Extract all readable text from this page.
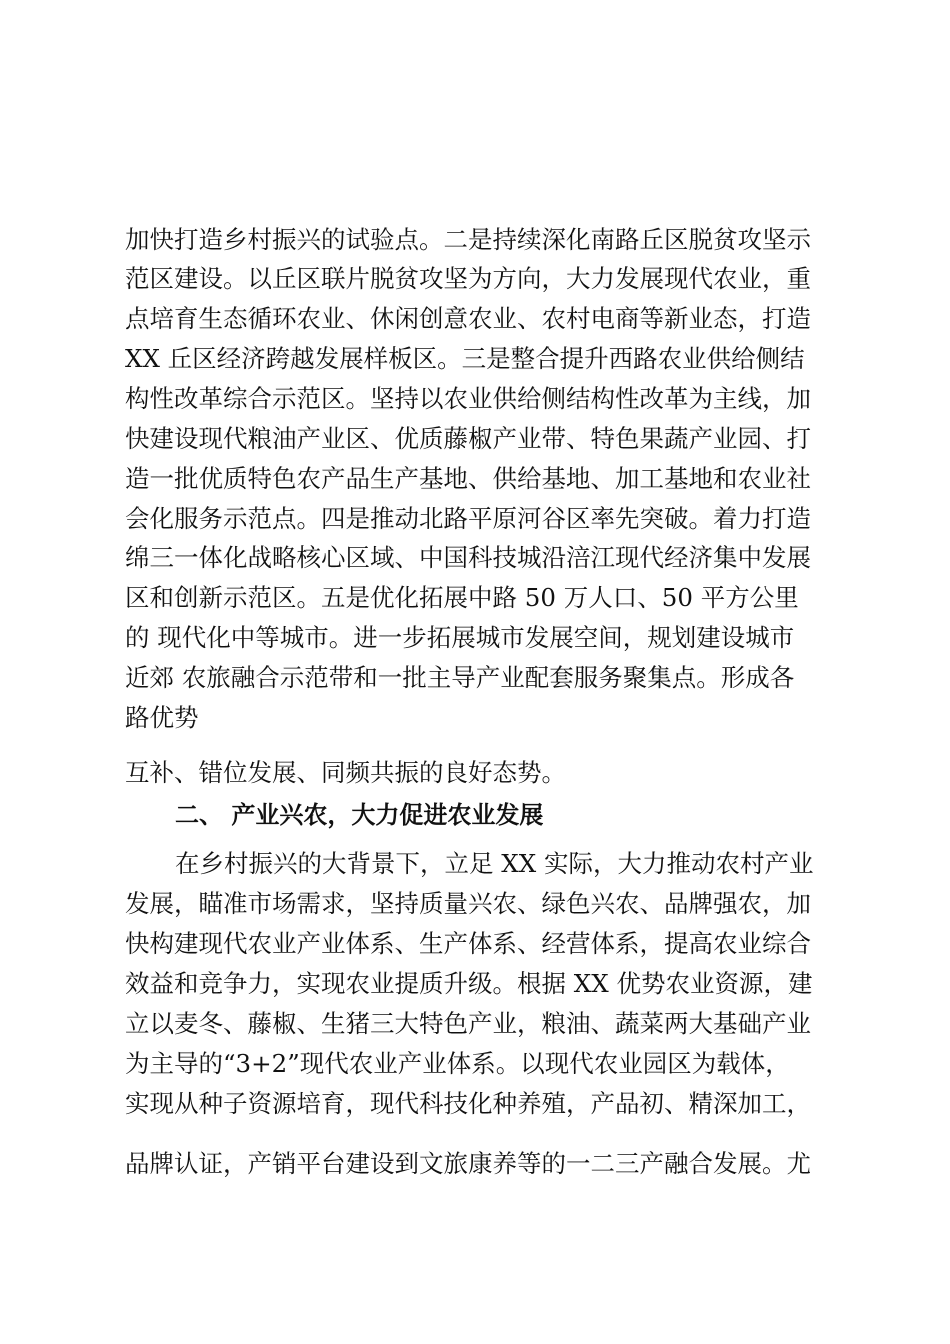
加快打造乡村振兴的试验点。二是持续深化南路丘区脱贫攻坚示

范区建设。以丘区联片脱贫攻坚为方向，大力发展现代农业，重

点培育生态循环农业、休闲创意农业、农村电商等新业态，打造

XX 丘区经济跨越发展样板区。三是整合提升西路农业供给侧结

构性改革综合示范区。坚持以农业供给侧结构性改革为主线，加

快建设现代粮油产业区、优质藤椒产业带、特色果蔬产业园、打

造一批优质特色农产品生产基地、供给基地、加工基地和农业社

会化服务示范点。四是推动北路平原河谷区率先突破。着力打造

绵三一体化战略核心区域、中国科技城沿涪江现代经济集中发展

区和创新示范区。五是优化拓展中路 50 万人口、50 平方公里

的 现代化中等城市。进一步拓展城市发展空间，规划建设城市

近郊 农旅融合示范带和一批主导产业配套服务聚集点。形成各

路优势

互补、错位发展、同频共振的良好态势。

二、 产业兴农，大力促进农业发展

在乡村振兴的大背景下，立足 XX 实际，大力推动农村产业

发展，瞄准市场需求，坚持质量兴农、绿色兴农、品牌强农，加

快构建现代农业产业体系、生产体系、经营体系，提高农业综合

效益和竞争力，实现农业提质升级。根据 XX 优势农业资源，建

立以麦冬、藤椒、生猪三大特色产业，粮油、蔬菜两大基础产业

为主导的“3+2”现代农业产业体系。以现代农业园区为载体，

实现从种子资源培育，现代科技化种养殖，产品初、精深加工，

品牌认证，产销平台建设到文旅康养等的一二三产融合发展。尤
